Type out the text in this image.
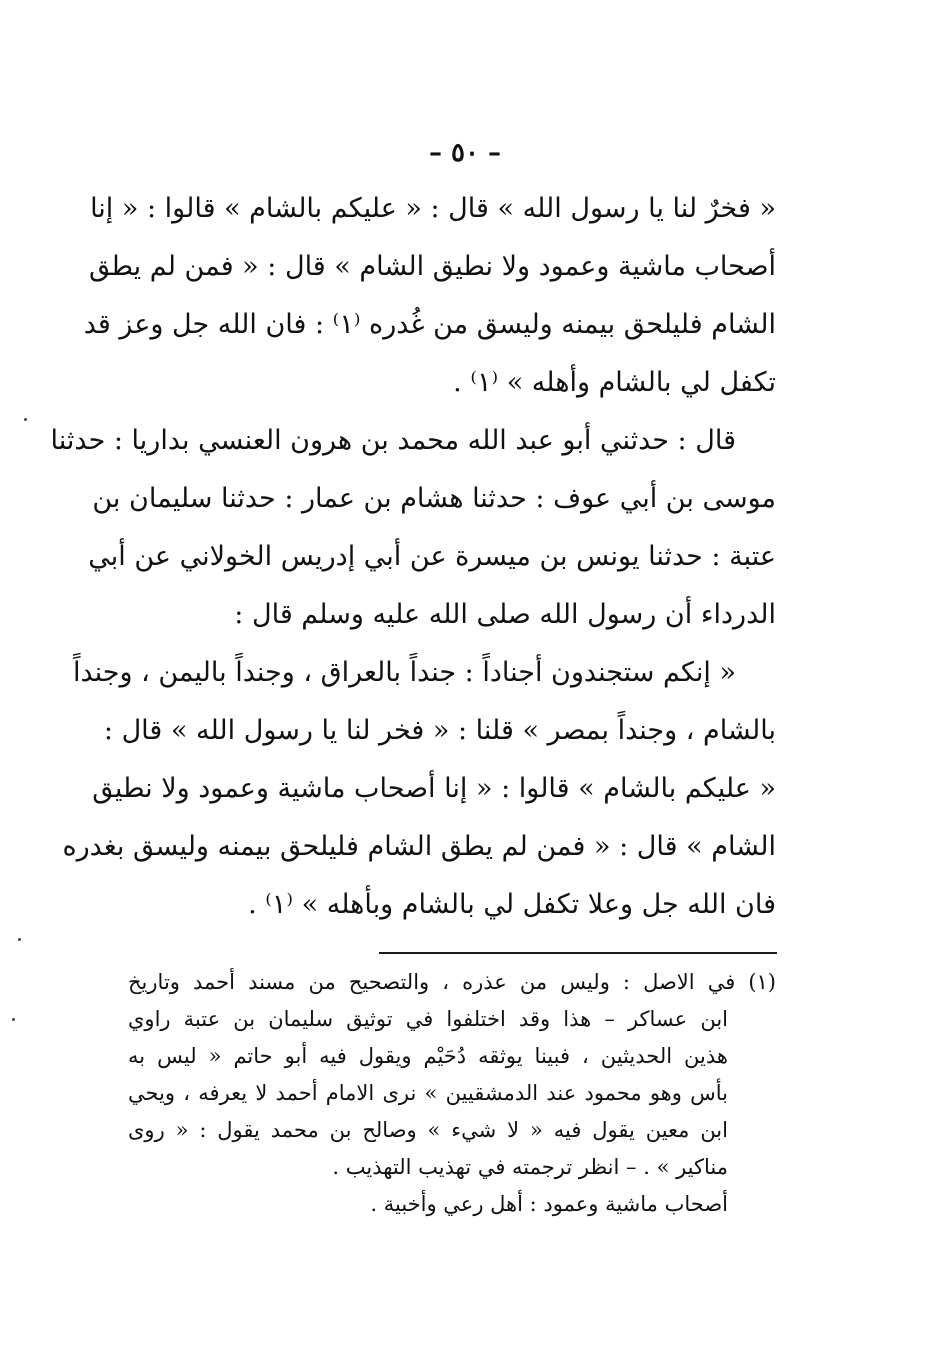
– ٥٠ –
« فخرٌ لنا يا رسول الله » قال : « عليكم بالشام » قالوا : « إنا
أصحاب ماشية وعمود ولا نطيق الشام » قال : « فمن لم يطق
الشام فليلحق بيمنه وليسق من غُدره ⁽١⁾ : فان الله جل وعز قد
تكفل لي بالشام وأهله » ⁽١⁾ .
قال : حدثني أبو عبد الله محمد بن هرون العنسي بداريا : حدثنا
موسى بن أبي عوف : حدثنا هشام بن عمار : حدثنا سليمان بن
عتبة : حدثنا يونس بن ميسرة عن أبي إدريس الخولاني عن أبي
الدرداء أن رسول الله صلى الله عليه وسلم قال :
« إنكم ستجندون أجناداً : جنداً بالعراق ، وجنداً باليمن ، وجنداً
بالشام ، وجنداً بمصر » قلنا : « فخر لنا يا رسول الله » قال :
« عليكم بالشام » قالوا : « إنا أصحاب ماشية وعمود ولا نطيق
الشام » قال : « فمن لم يطق الشام فليلحق بيمنه وليسق بغدره
فان الله جل وعلا تكفل لي بالشام وبأهله » ⁽١⁾ .
(١) في الاصل : وليس من عذره ، والتصحيح من مسند أحمد وتاريخ
ابن عساكر – هذا وقد اختلفوا في توثيق سليمان بن عتبة راوي
هذين الحديثين ، فبينا يوثقه دُحَيْم ويقول فيه أبو حاتم « ليس به
بأس وهو محمود عند الدمشقيين » نرى الامام أحمد لا يعرفه ، ويحي
ابن معين يقول فيه « لا شيء » وصالح بن محمد يقول : « روى
مناكير » . – انظر ترجمته في تهذيب التهذيب .
أصحاب ماشية وعمود : أهل رعي وأخبية .
